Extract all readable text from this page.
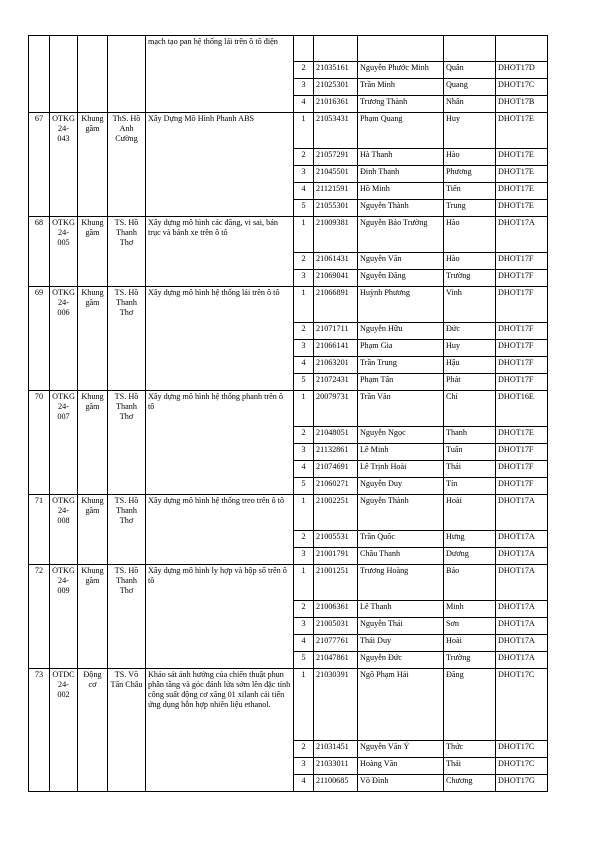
				mạch tạo pan hệ thống lái trên ô tô điện					
					2	21035161	Nguyễn Phước Minh	Quân	DHOT17D
					3	21025301	Trần Minh	Quang	DHOT17C
					4	21016361	Trương Thành	Nhân	DHOT17B
67	OTKG 24-043	Khung gầm	ThS. Hồ Anh Cường	Xây Dựng Mô Hình Phanh ABS	1	21053431	Phạm Quang	Huy	DHOT17E
					2	21057291	Hà Thanh	Hào	DHOT17E
					3	21045501	Đinh Thanh	Phương	DHOT17E
					4	21121591	Hồ Minh	Tiến	DHOT17E
					5	21055301	Nguyễn Thành	Trung	DHOT17E
68	OTKG 24-005	Khung gầm	TS. Hồ Thanh Thơ	Xây dựng mô hình các đăng, vi sai, bán trục và bánh xe trên ô tô	1	21009381	Nguyễn Bảo Trường	Hào	DHOT17A
					2	21061431	Nguyễn Văn	Hào	DHOT17F
					3	21069041	Nguyễn Đăng	Trường	DHOT17F
69	OTKG 24-006	Khung gầm	TS. Hồ Thanh Thơ	Xây dựng mô hình hệ thống lái trên ô tô	1	21066891	Huỳnh Phương	Vinh	DHOT17F
					2	21071711	Nguyễn Hữu	Đức	DHOT17F
					3	21066141	Phạm Gia	Huy	DHOT17F
					4	21063201	Trần Trung	Hậu	DHOT17F
					5	21072431	Phạm Tấn	Phát	DHOT17F
70	OTKG 24-007	Khung gầm	TS. Hồ Thanh Thơ	Xây dựng mô hình hệ thống phanh trên ô tô	1	20079731	Trần Văn	Chí	DHOT16E
					2	21048051	Nguyễn Ngọc	Thanh	DHOT17E
					3	21132861	Lê Minh	Tuấn	DHOT17F
					4	21074691	Lê Trịnh Hoài	Thái	DHOT17F
					5	21060271	Nguyễn Duy	Tín	DHOT17F
71	OTKG 24-008	Khung gầm	TS. Hồ Thanh Thơ	Xây dựng mô hình hệ thống treo trên ô tô	1	21002251	Nguyễn Thành	Hoài	DHOT17A
					2	21005531	Trần Quốc	Hưng	DHOT17A
					3	21001791	Châu Thanh	Dương	DHOT17A
72	OTKG 24-009	Khung gầm	TS. Hồ Thanh Thơ	Xây dựng mô hình ly hợp và hộp số trên ô tô	1	21001251	Trương Hoàng	Bảo	DHOT17A
					2	21006361	Lê Thanh	Minh	DHOT17A
					3	21005031	Nguyễn Thái	Sơn	DHOT17A
					4	21077761	Thái Duy	Hoài	DHOT17A
					5	21047861	Nguyễn Đức	Trường	DHOT17A
73	OTDC 24-002	Động cơ	TS. Võ Tấn Châu	Khảo sát ảnh hưởng của chiến thuật phun phân tầng và góc đánh lửa sớm lên đặc tính công suất động cơ xăng 01 xilanh cải tiến ứng dụng hỗn hợp nhiên liệu ethanol.	1	21030391	Ngô Phạm Hải	Đăng	DHOT17C
					2	21031451	Nguyễn Văn Ý	Thức	DHOT17C
					3	21033011	Hoàng Văn	Thái	DHOT17C
					4	21100685	Võ Đình	Chương	DHOT17G
